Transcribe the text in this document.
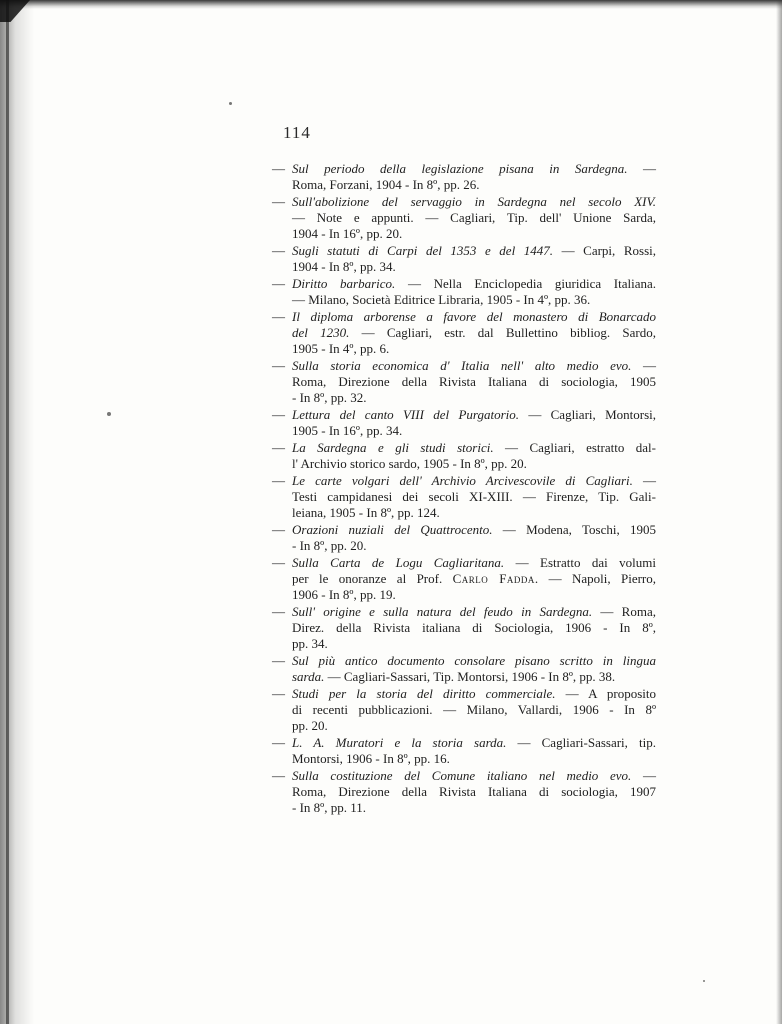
114
—Sul periodo della legislazione pisana in Sardegna. —
Roma, Forzani, 1904 - In 8º, pp. 26.
—Sull'abolizione del servaggio in Sardegna nel secolo XIV.
— Note e appunti. — Cagliari, Tip. dell' Unione Sarda,
1904 - In 16º, pp. 20.
—Sugli statuti di Carpi del 1353 e del 1447. — Carpi, Rossi,
1904 - In 8º, pp. 34.
—Diritto barbarico. — Nella Enciclopedia giuridica Italiana.
— Milano, Società Editrice Libraria, 1905 - In 4º, pp. 36.
—Il diploma arborense a favore del monastero di Bonarcado
del 1230. — Cagliari, estr. dal Bullettino bibliog. Sardo,
1905 - In 4º, pp. 6.
—Sulla storia economica d' Italia nell' alto medio evo. —
Roma, Direzione della Rivista Italiana di sociologia, 1905
- In 8º, pp. 32.
—Lettura del canto VIII del Purgatorio. — Cagliari, Montorsi,
1905 - In 16º, pp. 34.
—La Sardegna e gli studi storici. — Cagliari, estratto dal-
l' Archivio storico sardo, 1905 - In 8º, pp. 20.
—Le carte volgari dell' Archivio Arcivescovile di Cagliari. —
Testi campidanesi dei secoli XI-XIII. — Firenze, Tip. Gali-
leiana, 1905 - In 8º, pp. 124.
—Orazioni nuziali del Quattrocento. — Modena, Toschi, 1905
- In 8º, pp. 20.
—Sulla Carta de Logu Cagliaritana. — Estratto dai volumi
per le onoranze al Prof. Carlo Fadda. — Napoli, Pierro,
1906 - In 8º, pp. 19.
—Sull' origine e sulla natura del feudo in Sardegna. — Roma,
Direz. della Rivista italiana di Sociologia, 1906 - In 8º,
pp. 34.
—Sul più antico documento consolare pisano scritto in lingua
sarda. — Cagliari-Sassari, Tip. Montorsi, 1906 - In 8º, pp. 38.
—Studi per la storia del diritto commerciale. — A proposito
di recenti pubblicazioni. — Milano, Vallardi, 1906 - In 8º
pp. 20.
—L. A. Muratori e la storia sarda. — Cagliari-Sassari, tip.
Montorsi, 1906 - In 8º, pp. 16.
—Sulla costituzione del Comune italiano nel medio evo. —
Roma, Direzione della Rivista Italiana di sociologia, 1907
- In 8º, pp. 11.
